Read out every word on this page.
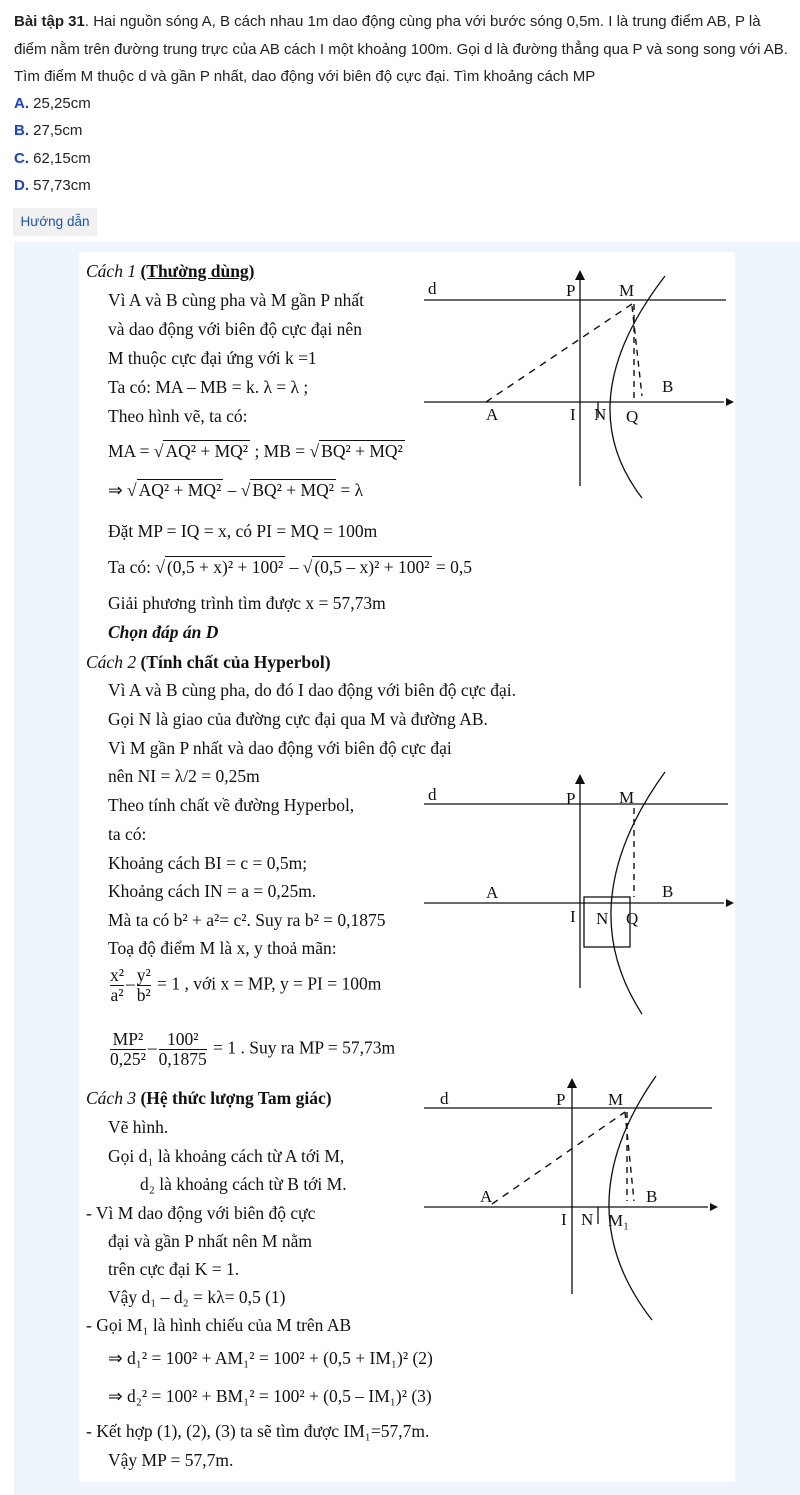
Bài tập 31. Hai nguồn sóng A, B cách nhau 1m dao động cùng pha với bước sóng 0,5m. I là trung điểm AB, P là điểm nằm trên đường trung trực của AB cách I một khoảng 100m. Gọi d là đường thẳng qua P và song song với AB. Tìm điểm M thuộc d và gần P nhất, dao động với biên độ cực đại. Tìm khoảng cách MP
A. 25,25cm
B. 27,5cm
C. 62,15cm
D. 57,73cm
Hướng dẫn
Cách 1 (Thường dùng)
Vì A và B cùng pha và M gần P nhất
và dao động với biên độ cực đại nên
M thuộc cực đại ứng với k =1
Ta có: MA – MB = k. λ = λ ;
Theo hình vẽ, ta có:
MA = √ AQ² + MQ² ; MB = √ BQ² + MQ²
⇒ √ AQ² + MQ² – √ BQ² + MQ² = λ
Đặt MP = IQ = x, có PI = MQ = 100m
Ta có: √ (0,5 + x)² + 100² – √ (0,5 – x)² + 100² = 0,5
Giải phương trình tìm được x = 57,73m
Chọn đáp án D
d	P	M
A	I N Q
B
Cách 2 (Tính chất của Hyperbol)
Vì A và B cùng pha, do đó I dao động với biên độ cực đại.
Gọi N là giao của đường cực đại qua M và đường AB.
Vì M gần P nhất và dao động với biên độ cực đại
nên NI = λ/2 = 0,25m
Theo tính chất về đường Hyperbol,
ta có:
Khoảng cách BI = c = 0,5m;
Khoảng cách IN = a = 0,25m.
Mà ta có b² + a²= c². Suy ra b² = 0,1875
Toạ độ điểm M là x, y thoả mãn:
$\frac{\text{x²}}{\text{a²}} - \frac{\text{y²}}{\text{b²}} = 1$ , với x = MP, y = PI = 100m
$\frac{\text{MP²}}{\text{0,25²}} - \frac{\text{100²}}{0,1875} = 1$ . Suy ra MP = 57,73m
d	P	M
A
I N Q
B
Cách 3 (Hệ thức lượng Tam giác)
Vẽ hình.
Gọi d₁ là khoảng cách từ A tới M,
d₂ là khoảng cách từ B tới M.
- Vì M dao động với biên độ cực
đại và gần P nhất nên M nằm
trên cực đại K = 1.
Vậy d₁ – d₂ = kλ= 0,5 (1)
- Gọi M₁ là hình chiếu của M trên AB
⇒ d₁² = 100² + AM₁² = 100² + (0,5 + IM₁)² (2)
⇒ d₂² = 100² + BM₁² = 100² + (0,5 – IM₁)² (3)
- Kết hợp (1), (2), (3) ta sẽ tìm được IM₁=57,7m.
Vậy MP = 57,7m.
d	P	M
A
I N M₁
B
